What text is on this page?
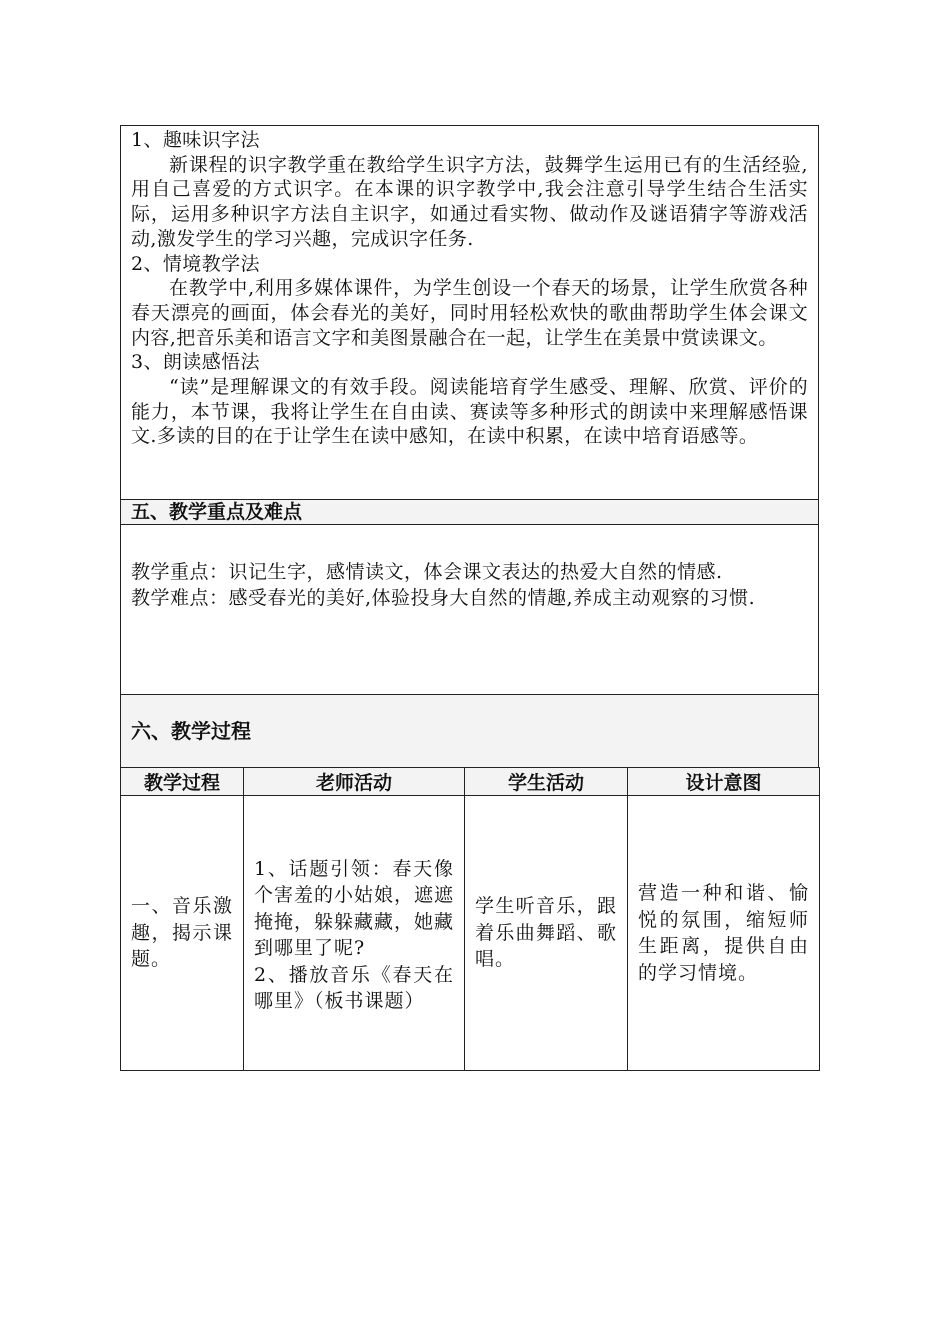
1、趣味识字法

新课程的识字教学重在教给学生识字方法，鼓舞学生运用已有的生活经验,用自己喜爱的方式识字。在本课的识字教学中,我会注意引导学生结合生活实际，运用多种识字方法自主识字，如通过看实物、做动作及谜语猜字等游戏活动,激发学生的学习兴趣，完成识字任务.

2、情境教学法

在教学中,利用多媒体课件，为学生创设一个春天的场景，让学生欣赏各种春天漂亮的画面，体会春光的美好，同时用轻松欢快的歌曲帮助学生体会课文内容,把音乐美和语言文字和美图景融合在一起，让学生在美景中赏读课文。

3、朗读感悟法

“读”是理解课文的有效手段。阅读能培育学生感受、理解、欣赏、评价的能力，本节课，我将让学生在自由读、赛读等多种形式的朗读中来理解感悟课文.多读的目的在于让学生在读中感知，在读中积累，在读中培育语感等。

五、教学重点及难点

教学重点：识记生字，感情读文，体会课文表达的热爱大自然的情感.

教学难点：感受春光的美好,体验投身大自然的情趣,养成主动观察的习惯.

六、教学过程
教学过程	老师活动	学生活动	设计意图
一、音乐激趣，揭示课题。	1、话题引领：春天像个害羞的小姑娘，遮遮掩掩，躲躲藏藏，她藏到哪里了呢?
2、播放音乐《春天在哪里》（板书课题）	学生听音乐，跟着乐曲舞蹈、歌唱。	营造一种和谐、愉悦的氛围，缩短师生距离，提供自由的学习情境。
